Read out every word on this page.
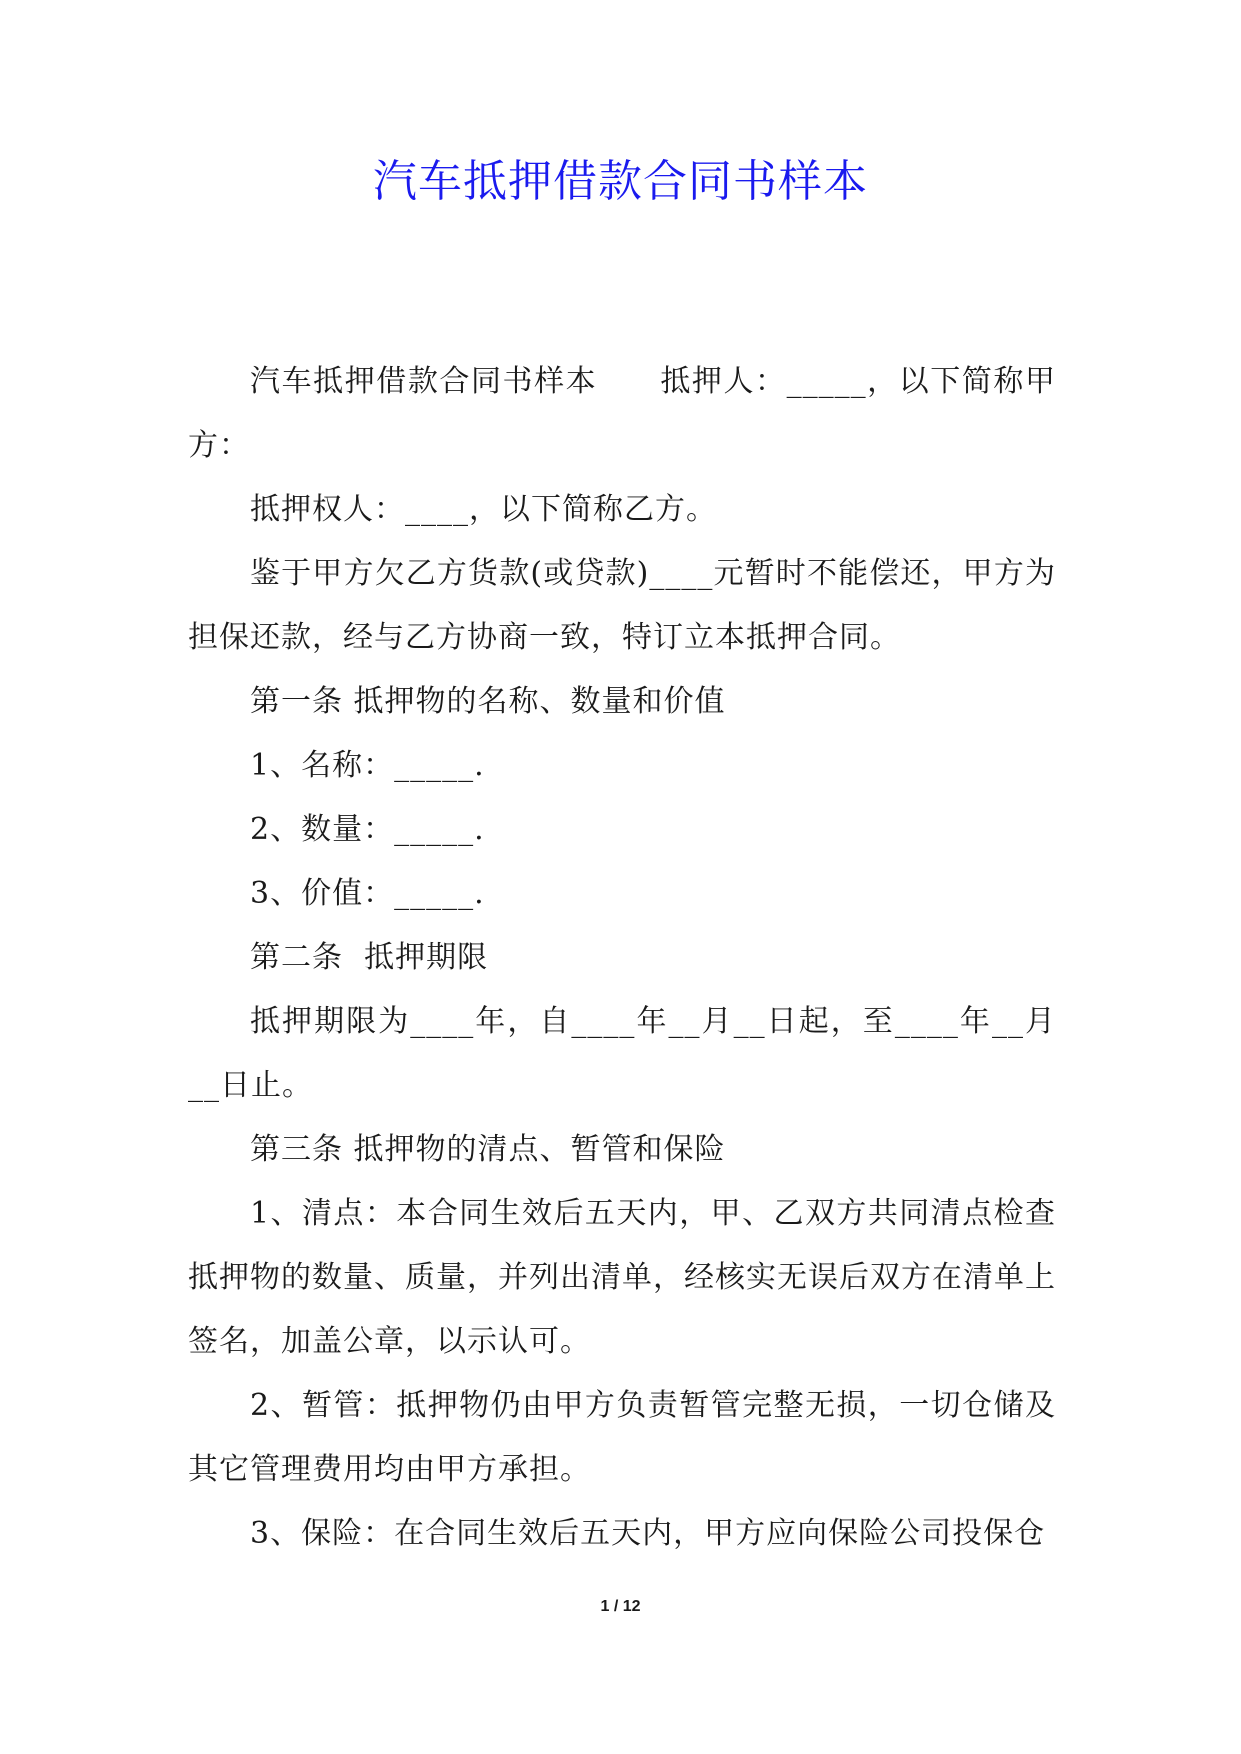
汽车抵押借款合同书样本

汽车抵押借款合同书样本　　抵押人：_____，以下简称甲方：

抵押权人：____，以下简称乙方。

鉴于甲方欠乙方货款(或贷款)____元暂时不能偿还，甲方为担保还款，经与乙方协商一致，特订立本抵押合同。

第一条 抵押物的名称、数量和价值

1、名称：_____.

2、数量：_____.

3、价值：_____.

第二条  抵押期限

抵押期限为____年，自____年__月__日起，至____年__月__日止。

第三条 抵押物的清点、暂管和保险

1、清点：本合同生效后五天内，甲、乙双方共同清点检查抵押物的数量、质量，并列出清单，经核实无误后双方在清单上签名，加盖公章，以示认可。

2、暂管：抵押物仍由甲方负责暂管完整无损，一切仓储及其它管理费用均由甲方承担。

3、保险：在合同生效后五天内，甲方应向保险公司投保仓

1 / 12
